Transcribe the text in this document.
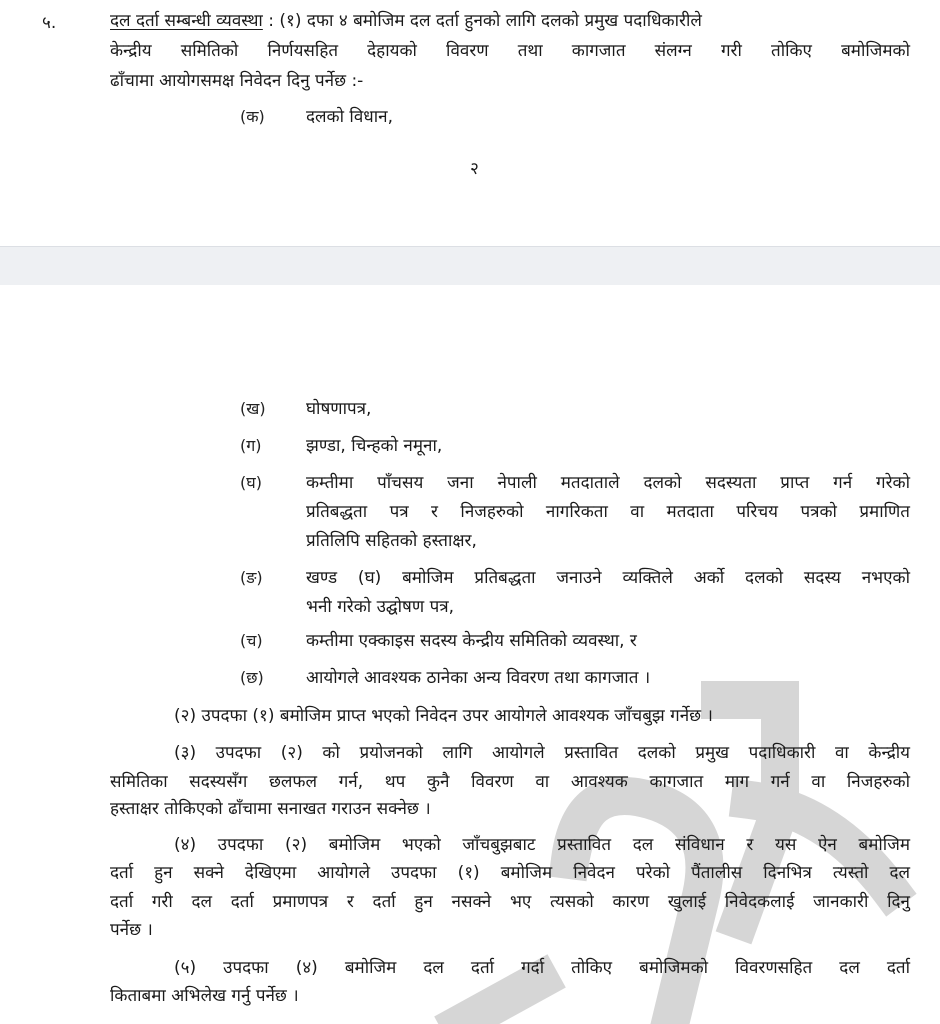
५.	दल दर्ता सम्बन्धी व्यवस्था : (१) दफा ४ बमोजिम दल दर्ता हुनको लागि दलको प्रमुख पदाधिकारीले
केन्द्रीय समितिको निर्णयसहित देहायको विवरण तथा कागजात संलग्न गरी तोकिए बमोजिमको
ढाँचामा आयोगसमक्ष निवेदन दिनु पर्नेछ :-
(क) दलको विधान,
२
(ख) घोषणापत्र,
(ग)	झण्डा, चिन्हको नमूना,
(घ)	कम्तीमा पाँचसय जना नेपाली मतदाताले दलको सदस्यता प्राप्त गर्न गरेको
प्रतिबद्धता पत्र र निजहरुको नागरिकता वा मतदाता परिचय पत्रको प्रमाणित
प्रतिलिपि सहितको हस्ताक्षर,
(ङ)	खण्ड (घ) बमोजिम प्रतिबद्धता जनाउने व्यक्तिले अर्को दलको सदस्य नभएको
भनी गरेको उद्घोषण पत्र,
(च)	कम्तीमा एक्काइस सदस्य केन्द्रीय समितिको व्यवस्था, र
(छ) आयोगले आवश्यक ठानेका अन्य विवरण तथा कागजात ।
(२) उपदफा (१) बमोजिम प्राप्त भएको निवेदन उपर आयोगले आवश्यक जाँचबुझ गर्नेछ ।
(३) उपदफा (२) को प्रयोजनको लागि आयोगले प्रस्तावित दलको प्रमुख पदाधिकारी वा केन्द्रीय
समितिका सदस्यसँग छलफल गर्न, थप कुनै विवरण वा आवश्यक कागजात माग गर्न वा निजहरुको
हस्ताक्षर तोकिएको ढाँचामा सनाखत गराउन सक्नेछ ।
(४) उपदफा (२) बमोजिम भएको जाँचबुझबाट प्रस्तावित दल संविधान र यस ऐन बमोजिम
दर्ता हुन सक्ने देखिएमा आयोगले उपदफा (१) बमोजिम निवेदन परेको पैंतालीस दिनभित्र त्यस्तो दल
दर्ता गरी दल दर्ता प्रमाणपत्र र दर्ता हुन नसक्ने भए त्यसको कारण खुलाई निवेदकलाई जानकारी दिनु
पर्नेछ ।
(५) उपदफा (४) बमोजिम दल दर्ता गर्दा तोकिए बमोजिमको विवरणसहित दल दर्ता
किताबमा अभिलेख गर्नु पर्नेछ ।
